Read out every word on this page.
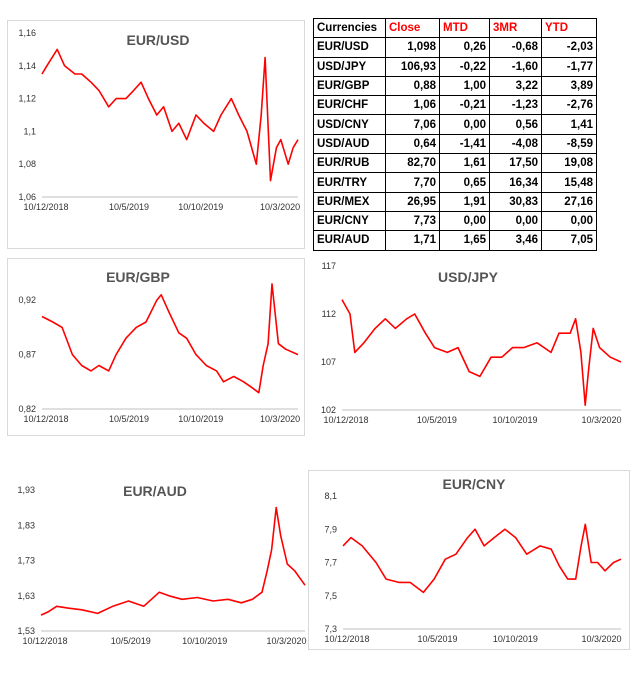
EUR/USD
1,06
1,08
1,1
1,12
1,14
1,16
10/12/2018	10/5/2019	10/10/2019	10/3/2020
Currencies	Close	MTD	3MR	YTD
EUR/USD	1,098	0,26	-0,68	-2,03
USD/JPY	106,93	-0,22	-1,60	-1,77
EUR/GBP	0,88	1,00	3,22	3,89
EUR/CHF	1,06	-0,21	-1,23	-2,76
USD/CNY	7,06	0,00	0,56	1,41
USD/AUD	0,64	-1,41	-4,08	-8,59
EUR/RUB	82,70	1,61	17,50	19,08
EUR/TRY	7,70	0,65	16,34	15,48
EUR/MEX	26,95	1,91	30,83	27,16
EUR/CNY	7,73	0,00	0,00	0,00
EUR/AUD	1,71	1,65	3,46	7,05
EUR/GBP
0,82
0,87
0,92
10/12/2018	10/5/2019	10/10/2019	10/3/2020
USD/JPY
102
107
112
117
10/12/2018	10/5/2019	10/10/2019	10/3/2020
EUR/AUD
1,53
1,63
1,73
1,83
1,93
10/12/2018	10/5/2019	10/10/2019	10/3/2020
EUR/CNY
7,3
7,5
7,7
7,9
8,1
10/12/2018	10/5/2019	10/10/2019	10/3/2020
